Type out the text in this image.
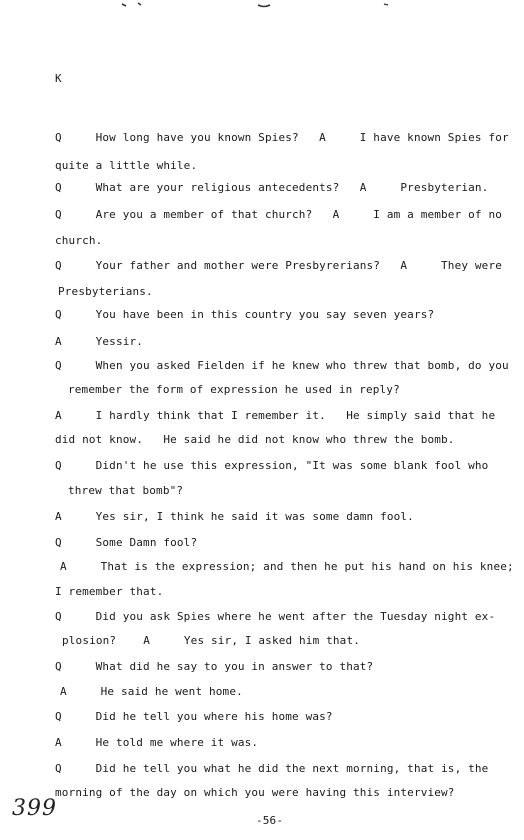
K
Q     How long have you known Spies?   A     I have known Spies for
quite a little while.
Q     What are your religious antecedents?   A     Presbyterian.
Q     Are you a member of that church?   A     I am a member of no
church.
Q     Your father and mother were Presbyrerians?   A     They were
Presbyterians.
Q     You have been in this country you say seven years?
A     Yessir.
Q     When you asked Fielden if he knew who threw that bomb, do you
remember the form of expression he used in reply?
A     I hardly think that I remember it.   He simply said that he
did not know.   He said he did not know who threw the bomb.
Q     Didn't he use this expression, "It was some blank fool who
threw that bomb"?
A     Yes sir, I think he said it was some damn fool.
Q     Some Damn fool?
A     That is the expression; and then he put his hand on his knee;
I remember that.
Q     Did you ask Spies where he went after the Tuesday night ex-
plosion?    A     Yes sir, I asked him that.
Q     What did he say to you in answer to that?
A     He said he went home.
Q     Did he tell you where his home was?
A     He told me where it was.
Q     Did he tell you what he did the next morning, that is, the
morning of the day on which you were having this interview?
399	-56-
